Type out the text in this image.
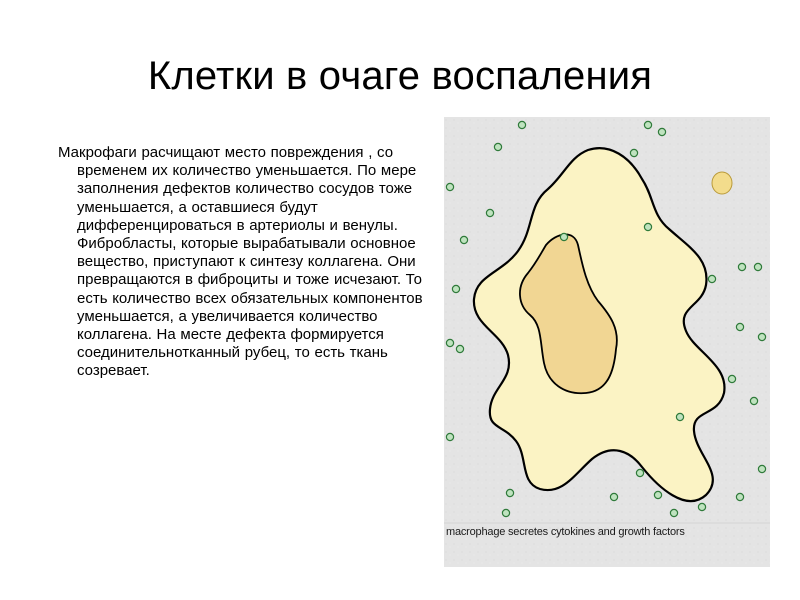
Клетки в очаге воспаления

Макрофаги расчищают место повреждения , со временем их количество уменьшается. По мере заполнения дефектов количество сосудов тоже уменьшается, а оставшиеся будут дифференцироваться в артериолы и венулы. Фибробласты, которые вырабатывали основное вещество, приступают к синтезу коллагена. Они превращаются в фиброциты и тоже исчезают. То есть количество всех обязательных компонентов уменьшается, а увеличивается количество коллагена. На месте дефекта формируется соединительнотканный рубец, то есть ткань созревает.

macrophage secretes cytokines and growth factors
